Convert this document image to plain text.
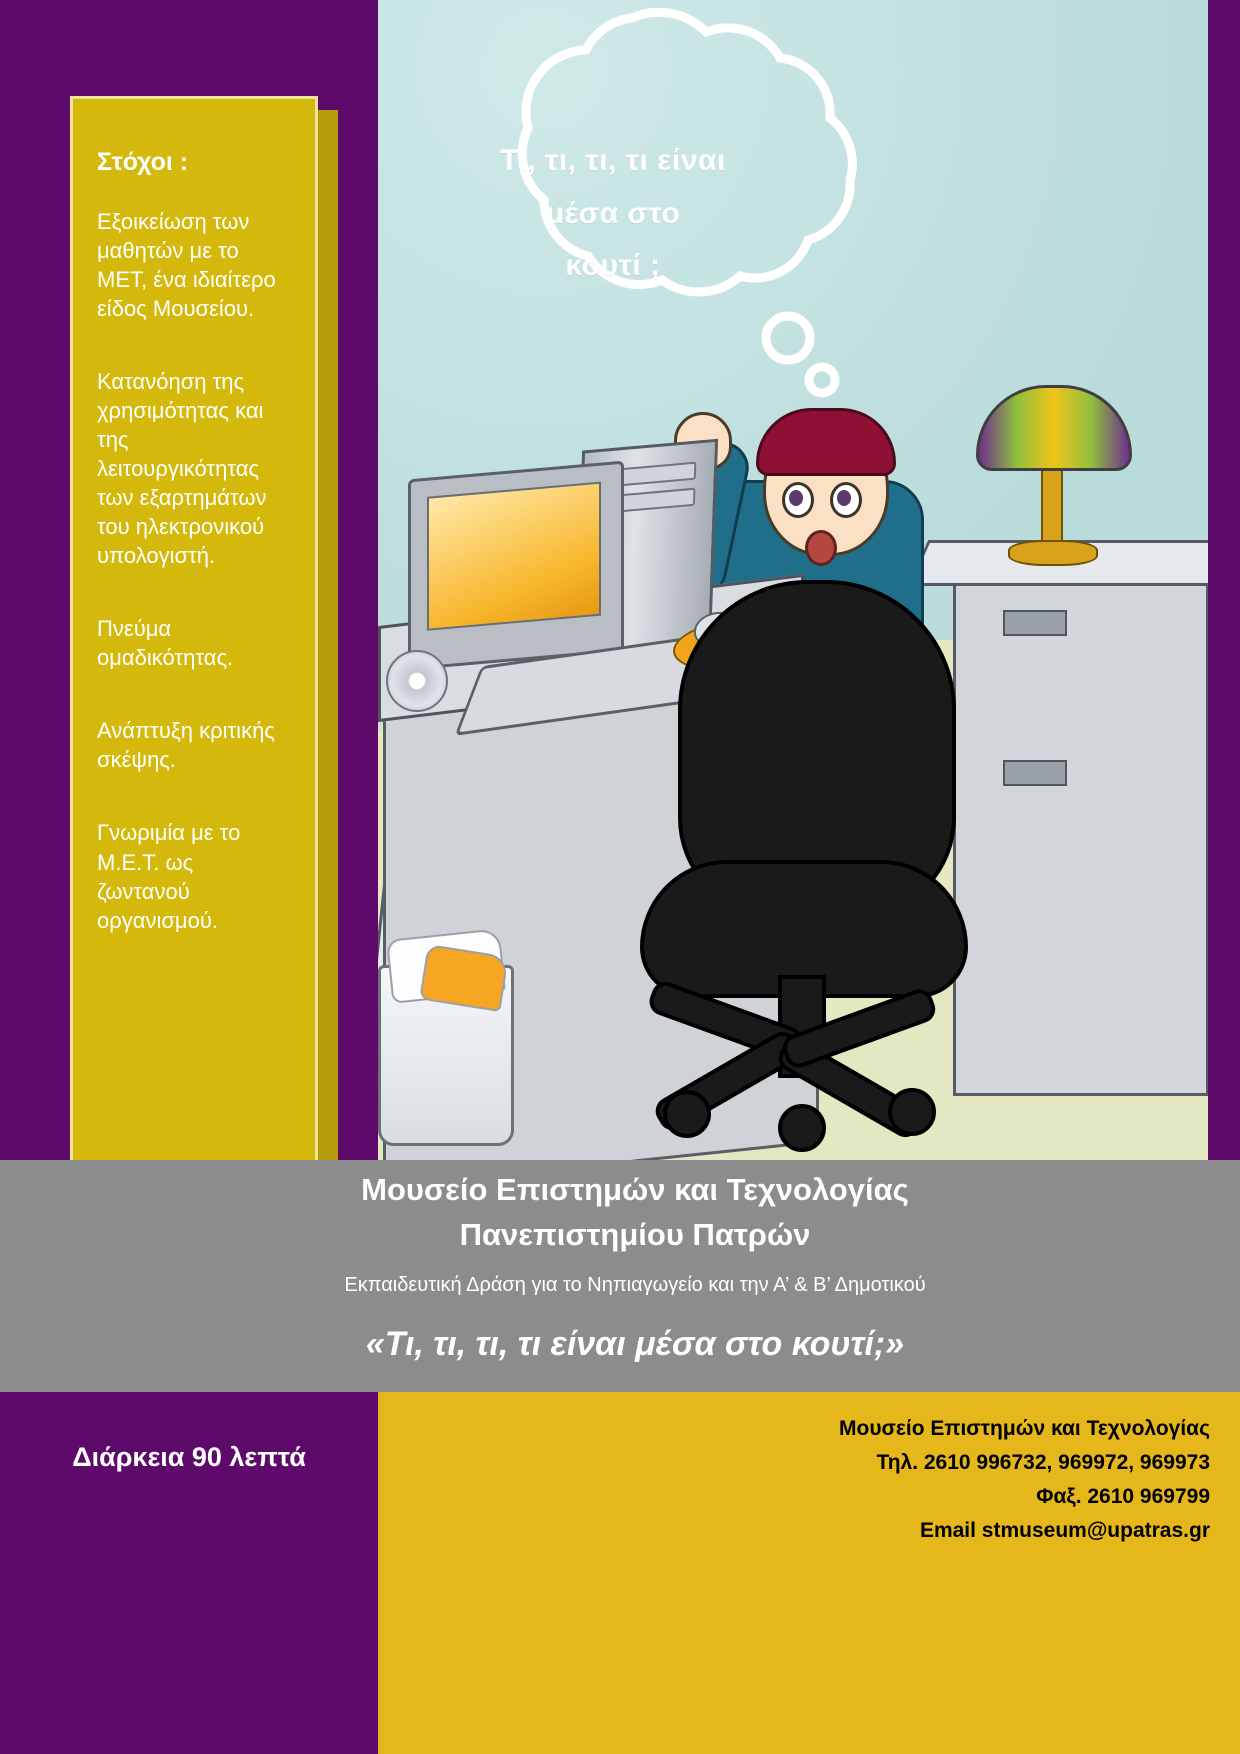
Τι, τι, τι, τι είναι
μέσα στο
κουτί ;
Στόχοι :
Εξοικείωση των μαθητών με το ΜΕΤ, ένα ιδιαίτερο είδος Μουσείου.
Κατανόηση της χρησιμότητας και της λειτουργικότητας των εξαρτημάτων του ηλεκτρονικού υπολογιστή.
Πνεύμα ομαδικότητας.
Ανάπτυξη κριτικής σκέψης.
Γνωριμία με το Μ.Ε.Τ. ως ζωντανού οργανισμού.
Μουσείο Επιστημών και Τεχνολογίας
Πανεπιστημίου Πατρών
Εκπαιδευτική Δράση για το Νηπιαγωγείο και την Α’ & Β’ Δημοτικού
«Τι, τι, τι, τι είναι μέσα στο κουτί;»
Διάρκεια 90 λεπτά
Μουσείο Επιστημών και Τεχνολογίας
Τηλ. 2610 996732, 969972, 969973
Φαξ. 2610 969799
Email stmuseum@upatras.gr
